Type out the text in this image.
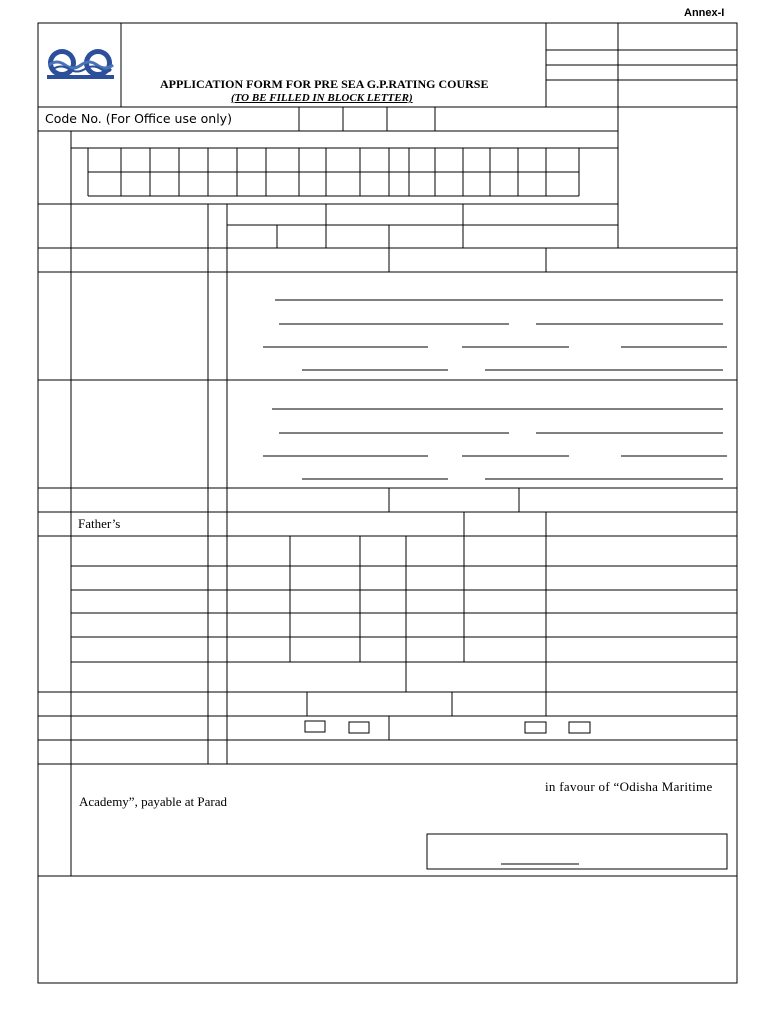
Annex-I
APPLICATION FORM FOR PRE SEA G.P.RATING COURSE
(TO BE FILLED IN BLOCK LETTER)
Code No. (For Office use only)
Father’s
in favour of “Odisha Maritime
Academy”, payable at Parad
